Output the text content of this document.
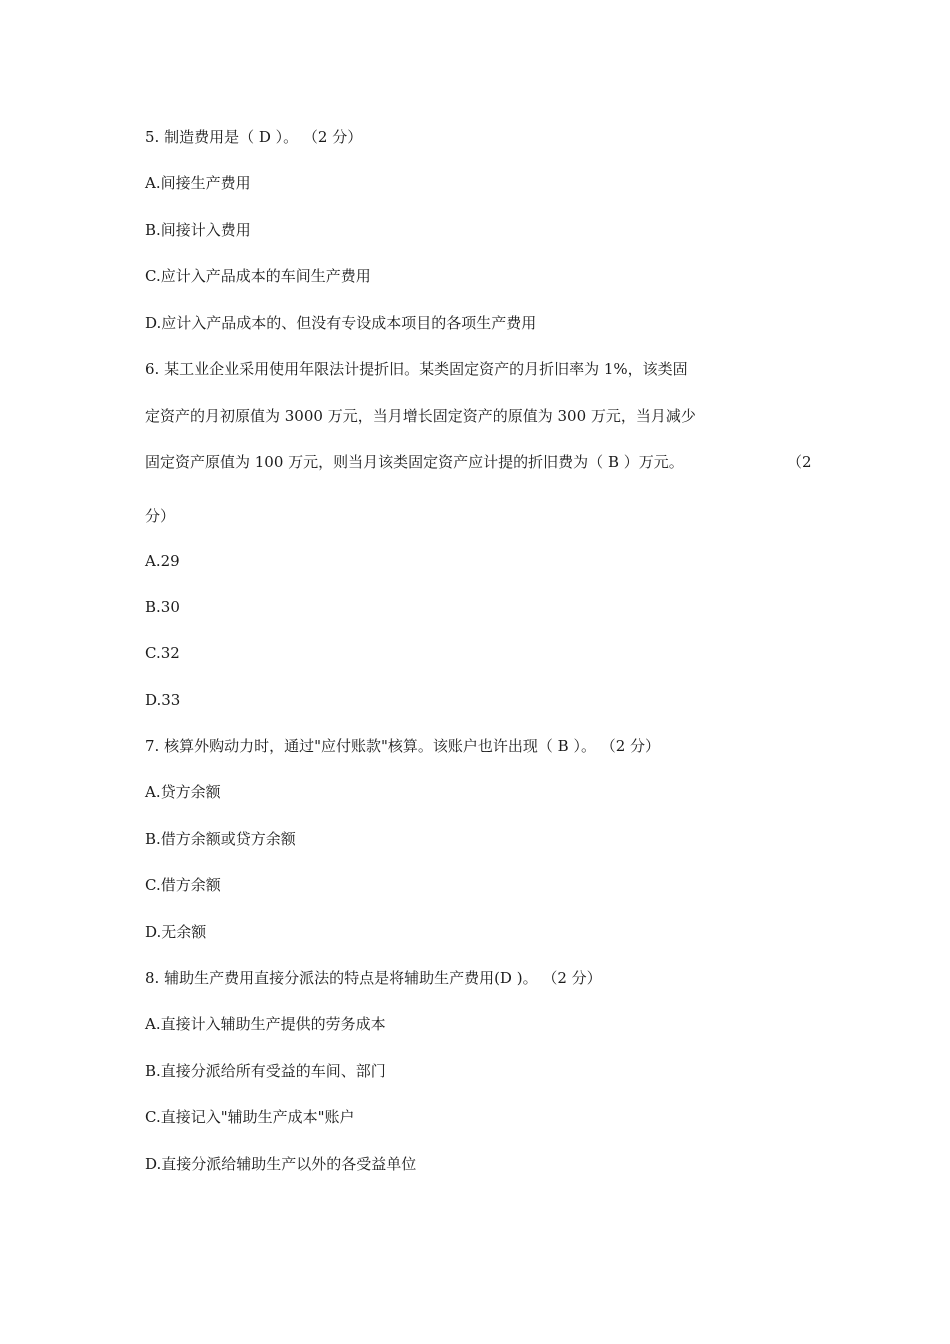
5. 制造费用是（ D ）。 （2 分）
A.间接生产费用
B.间接计入费用
C.应计入产品成本的车间生产费用
D.应计入产品成本的、但没有专设成本项目的各项生产费用
6. 某工业企业采用使用年限法计提折旧。某类固定资产的月折旧率为 1%，该类固
定资产的月初原值为 3000 万元，当月增长固定资产的原值为 300 万元，当月减少
固定资产原值为 100 万元，则当月该类固定资产应计提的折旧费为（ B ）万元。	（2
分）
A.29
B.30
C.32
D.33
7. 核算外购动力时，通过"应付账款"核算。该账户也许出现（ B ）。 （2 分）
A.贷方余额
B.借方余额或贷方余额
C.借方余额
D.无余额
8. 辅助生产费用直接分派法的特点是将辅助生产费用(D )。 （2 分）
A.直接计入辅助生产提供的劳务成本
B.直接分派给所有受益的车间、部门
C.直接记入"辅助生产成本"账户
D.直接分派给辅助生产以外的各受益单位
